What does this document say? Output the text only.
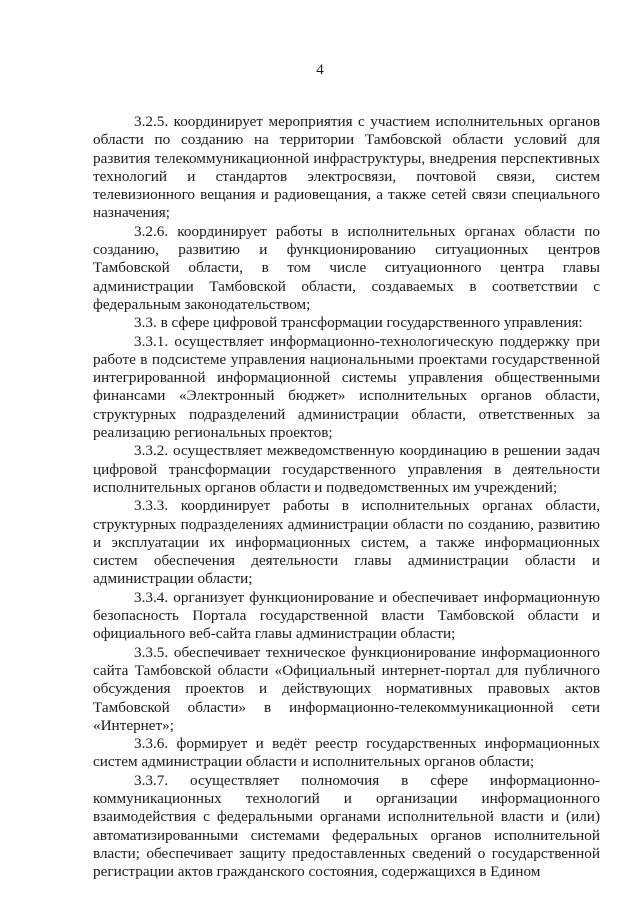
4

3.2.5. координирует мероприятия с участием исполнительных органов области по созданию на территории Тамбовской области условий для развития телекоммуникационной инфраструктуры, внедрения перспективных технологий и стандартов электросвязи, почтовой связи, систем телевизионного вещания и радиовещания, а также сетей связи специального назначения;

3.2.6. координирует работы в исполнительных органах области по созданию, развитию и функционированию ситуационных центров Тамбовской области, в том числе ситуационного центра главы администрации Тамбовской области, создаваемых в соответствии с федеральным законодательством;

3.3. в сфере цифровой трансформации государственного управления:

3.3.1. осуществляет информационно-технологическую поддержку при работе в подсистеме управления национальными проектами государственной интегрированной информационной системы управления общественными финансами «Электронный бюджет» исполнительных органов области, структурных подразделений администрации области, ответственных за реализацию региональных проектов;

3.3.2. осуществляет межведомственную координацию в решении задач цифровой трансформации государственного управления в деятельности исполнительных органов области и подведомственных им учреждений;

3.3.3. координирует работы в исполнительных органах области, структурных подразделениях администрации области по созданию, развитию и эксплуатации их информационных систем, а также информационных систем обеспечения деятельности главы администрации области и администрации области;

3.3.4. организует функционирование и обеспечивает информационную безопасность Портала государственной власти Тамбовской области и официального веб-сайта главы администрации области;

3.3.5. обеспечивает техническое функционирование информационного сайта Тамбовской области «Официальный интернет-портал для публичного обсуждения проектов и действующих нормативных правовых актов Тамбовской области» в информационно-телекоммуникационной сети «Интернет»;

3.3.6. формирует и ведёт реестр государственных информационных систем администрации области и исполнительных органов области;

3.3.7. осуществляет полномочия в сфере информационно-коммуникационных технологий и организации информационного взаимодействия с федеральными органами исполнительной власти и (или) автоматизированными системами федеральных органов исполнительной власти; обеспечивает защиту предоставленных сведений о государственной регистрации актов гражданского состояния, содержащихся в Едином
